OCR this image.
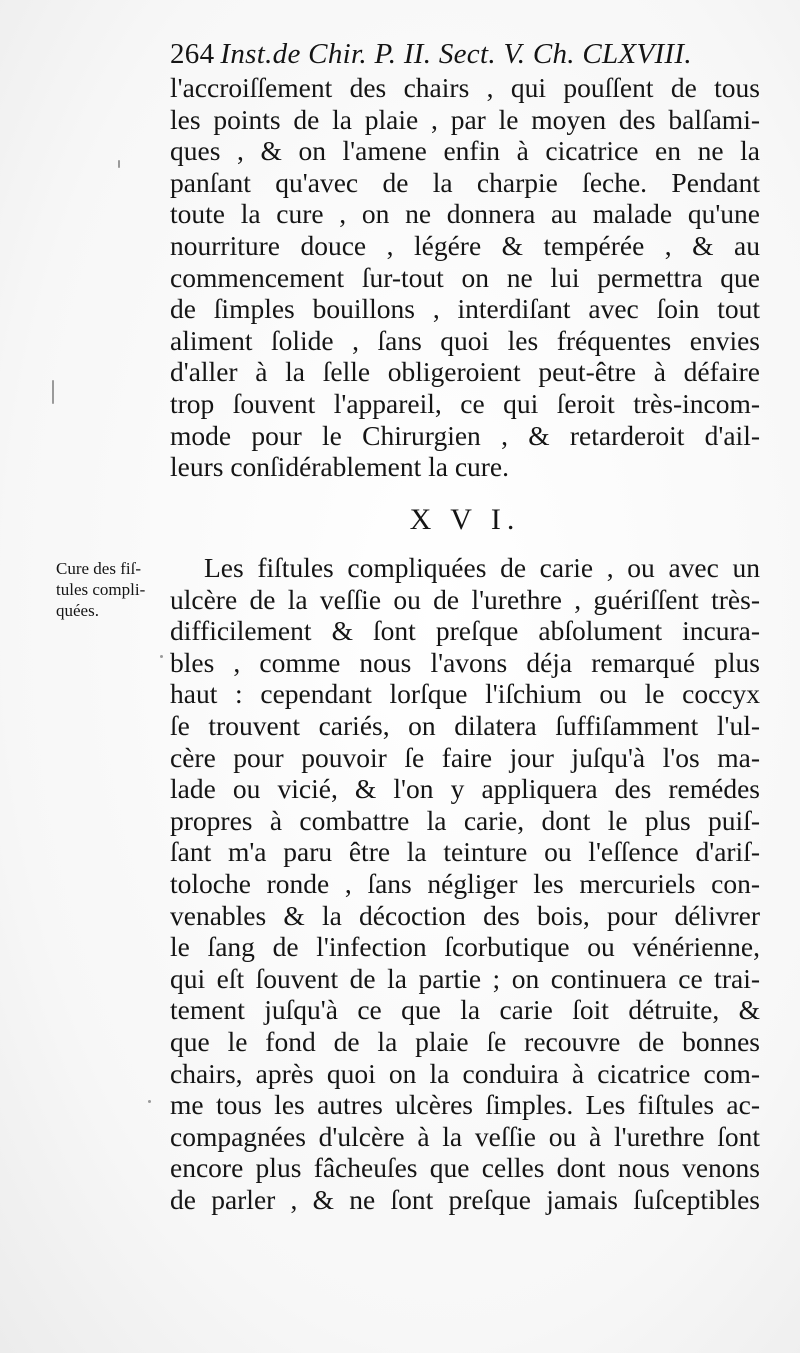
264 Inst.de Chir. P. II. Sect. V. Ch. CLXVIII.
l'accroiſſement des chairs , qui pouſſent de tous
les points de la plaie , par le moyen des balſami-
ques , & on l'amene enfin à cicatrice en ne la
panſant qu'avec de la charpie ſeche. Pendant
toute la cure , on ne donnera au malade qu'une
nourriture douce , légére & tempérée , & au
commencement ſur-tout on ne lui permettra que
de ſimples bouillons , interdiſant avec ſoin tout
aliment ſolide , ſans quoi les fréquentes envies
d'aller à la ſelle obligeroient peut-être à défaire
trop ſouvent l'appareil, ce qui ſeroit très-incom-
mode pour le Chirurgien , & retarderoit d'ail-
leurs conſidérablement la cure.
X V I.
Cure des fiſ-
tules compli-
quées.
Les fiſtules compliquées de carie , ou avec un
ulcère de la veſſie ou de l'urethre , guériſſent très-
difficilement & ſont preſque abſolument incura-
bles , comme nous l'avons déja remarqué plus
haut : cependant lorſque l'iſchium ou le coccyx
ſe trouvent cariés, on dilatera ſuffiſamment l'ul-
cère pour pouvoir ſe faire jour juſqu'à l'os ma-
lade ou vicié, & l'on y appliquera des remédes
propres à combattre la carie, dont le plus puiſ-
ſant m'a paru être la teinture ou l'eſſence d'ariſ-
toloche ronde , ſans négliger les mercuriels con-
venables & la décoction des bois, pour délivrer
le ſang de l'infection ſcorbutique ou vénérienne,
qui eſt ſouvent de la partie ; on continuera ce trai-
tement juſqu'à ce que la carie ſoit détruite, &
que le fond de la plaie ſe recouvre de bonnes
chairs, après quoi on la conduira à cicatrice com-
me tous les autres ulcères ſimples. Les fiſtules ac-
compagnées d'ulcère à la veſſie ou à l'urethre ſont
encore plus fâcheuſes que celles dont nous venons
de parler , & ne ſont preſque jamais ſuſceptibles
